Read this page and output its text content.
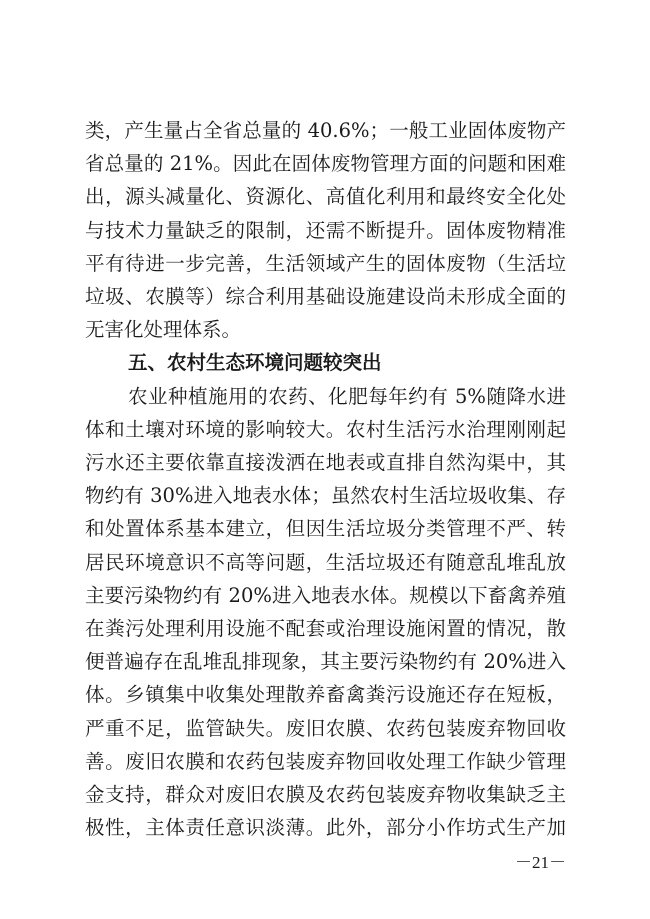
类，产生量占全省总量的 40.6%；一般工业固体废物产
省总量的 21%。因此在固体废物管理方面的问题和困难
出，源头减量化、资源化、高值化利用和最终安全化处
与技术力量缺乏的限制，还需不断提升。固体废物精准
平有待进一步完善，生活领域产生的固体废物（生活垃
垃圾、农膜等）综合利用基础设施建设尚未形成全面的
无害化处理体系。
五、农村生态环境问题较突出
农业种植施用的农药、化肥每年约有 5%随降水进
体和土壤对环境的影响较大。农村生活污水治理刚刚起
污水还主要依靠直接泼洒在地表或直排自然沟渠中，其
物约有 30%进入地表水体；虽然农村生活垃圾收集、存
和处置体系基本建立，但因生活垃圾分类管理不严、转
居民环境意识不高等问题，生活垃圾还有随意乱堆乱放
主要污染物约有 20%进入地表水体。规模以下畜禽养殖
在粪污处理利用设施不配套或治理设施闲置的情况，散
便普遍存在乱堆乱排现象，其主要污染物约有 20%进入
体。乡镇集中收集处理散养畜禽粪污设施还存在短板，
严重不足，监管缺失。废旧农膜、农药包装废弃物回收
善。废旧农膜和农药包装废弃物回收处理工作缺少管理
金支持，群众对废旧农膜及农药包装废弃物收集缺乏主
极性，主体责任意识淡薄。此外，部分小作坊式生产加
－21－
